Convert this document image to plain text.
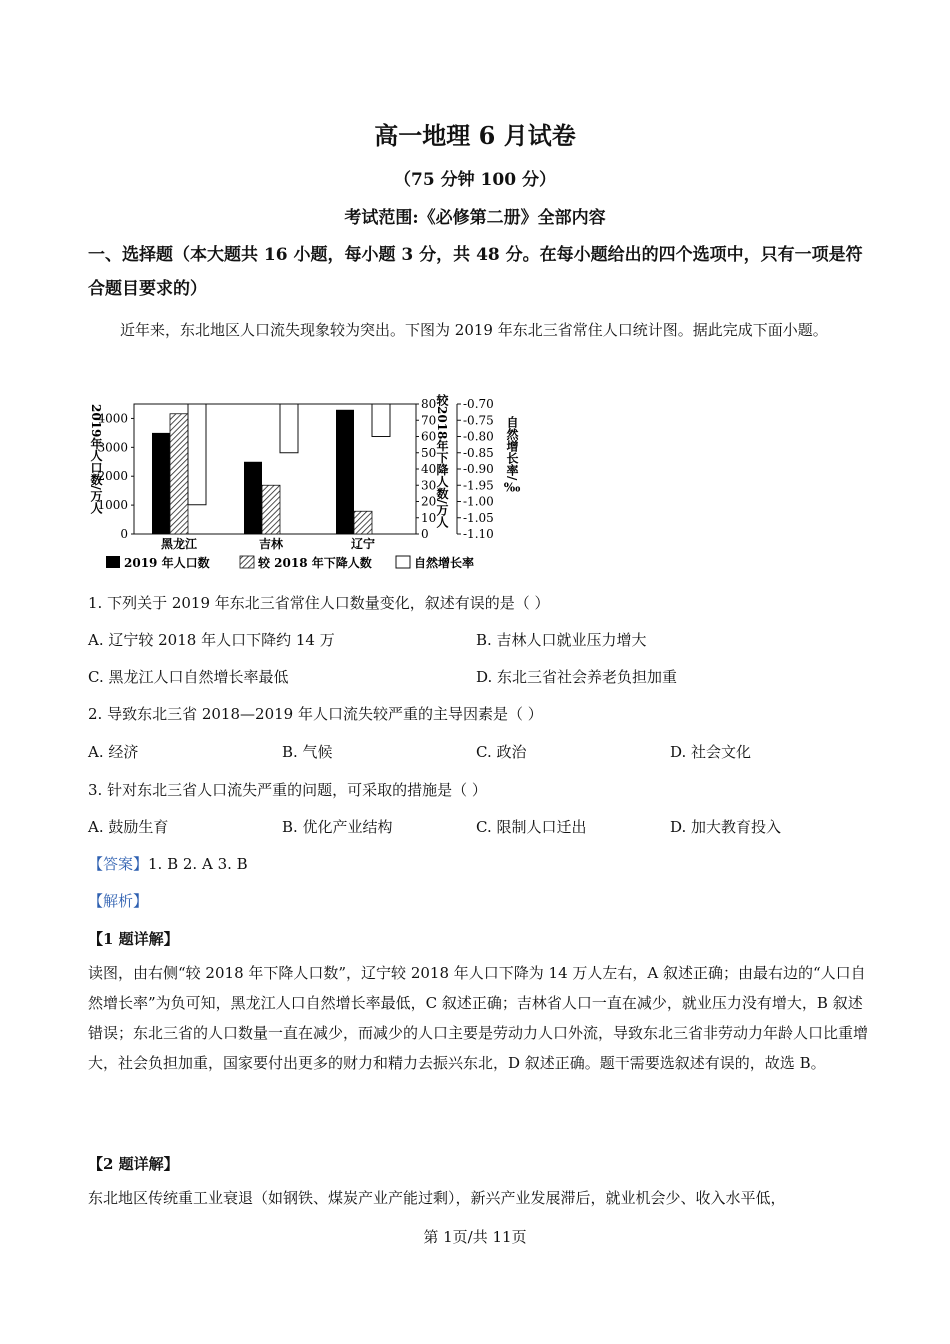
高一地理 6 月试卷
（75 分钟 100 分）
考试范围:《必修第二册》全部内容
一、选择题（本大题共 16 小题，每小题 3 分，共 48 分。在每小题给出的四个选项中，只有一项是符合题目要求的）
近年来，东北地区人口流失现象较为突出。下图为 2019 年东北三省常住人口统计图。据此完成下面小题。
2019年人口数/万人
0
1000
2000
3000
4000
黑龙江	吉林	辽宁
0
10
20
30
40
50
60
70
80
较2018年下降人数/万人 -0.70
-0.75
-0.80
-0.85
-0.90
-1.95
-1.00
-1.05
-1.10
自然增长率/‰
2019 年人口数	较 2018 年下降人数	自然增长率
1. 下列关于 2019 年东北三省常住人口数量变化，叙述有误的是（ ）
A. 辽宁较 2018 年人口下降约 14 万	B. 吉林人口就业压力增大
C. 黑龙江人口自然增长率最低	D. 东北三省社会养老负担加重
2. 导致东北三省 2018—2019 年人口流失较严重的主导因素是（ ）
A. 经济	B. 气候	C. 政治	D. 社会文化
3. 针对东北三省人口流失严重的问题，可采取的措施是（ ）
A. 鼓励生育	B. 优化产业结构	C. 限制人口迁出	D. 加大教育投入
【答案】1. B 2. A 3. B
【解析】
【1 题详解】
读图，由右侧“较 2018 年下降人口数”，辽宁较 2018 年人口下降为 14 万人左右，A 叙述正确；由最右边的“人口自然增长率”为负可知，黑龙江人口自然增长率最低，C 叙述正确；吉林省人口一直在减少，就业压力没有增大，B 叙述错误；东北三省的人口数量一直在减少，而减少的人口主要是劳动力人口外流，导致东北三省非劳动力年龄人口比重增大，社会负担加重，国家要付出更多的财力和精力去振兴东北，D 叙述正确。题干需要选叙述有误的，故选 B。
【2 题详解】
东北地区传统重工业衰退（如钢铁、煤炭产业产能过剩），新兴产业发展滞后，就业机会少、收入水平低，
第 1页/共 11页
